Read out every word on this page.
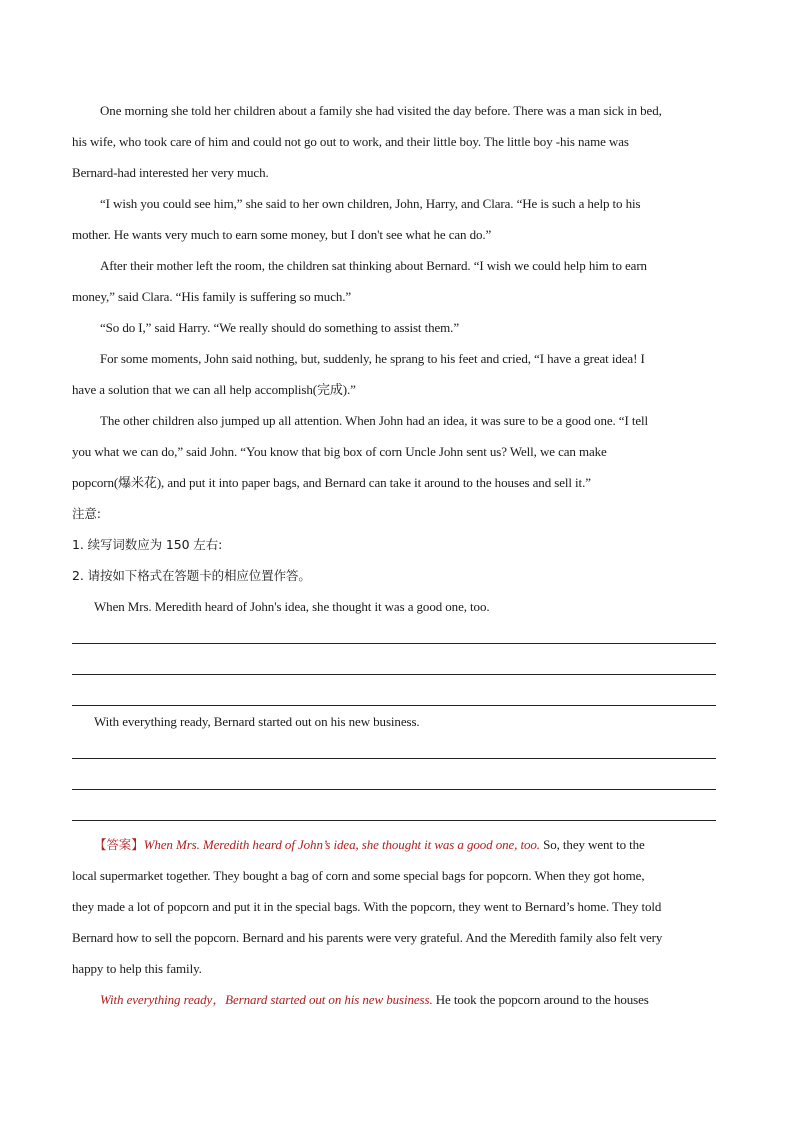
One morning she told her children about a family she had visited the day before. There was a man sick in bed,
his wife, who took care of him and could not go out to work, and their little boy. The little boy -his name was
Bernard-had interested her very much.
“I wish you could see him,” she said to her own children, John, Harry, and Clara. “He is such a help to his
mother. He wants very much to earn some money, but I don't see what he can do.”
After their mother left the room, the children sat thinking about Bernard. “I wish we could help him to earn
money,” said Clara. “His family is suffering so much.”
“So do I,” said Harry. “We really should do something to assist them.”
For some moments, John said nothing, but, suddenly, he sprang to his feet and cried, “I have a great idea! I
have a solution that we can all help accomplish(完成).”
The other children also jumped up all attention. When John had an idea, it was sure to be a good one. “I tell
you what we can do,” said John. “You know that big box of corn Uncle John sent us? Well, we can make
popcorn(爆米花), and put it into paper bags, and Bernard can take it around to the houses and sell it.”
注意:
1. 续写词数应为 150 左右:
2. 请按如下格式在答题卡的相应位置作答。
When Mrs. Meredith heard of John's idea, she thought it was a good one, too.
With everything ready, Bernard started out on his new business.
【答案】When Mrs. Meredith heard of John’s idea, she thought it was a good one, too. So, they went to the
local supermarket together. They bought a bag of corn and some special bags for popcorn. When they got home,
they made a lot of popcorn and put it in the special bags. With the popcorn, they went to Bernard’s home. They told
Bernard how to sell the popcorn. Bernard and his parents were very grateful. And the Meredith family also felt very
happy to help this family.
With everything ready，Bernard started out on his new business. He took the popcorn around to the houses
